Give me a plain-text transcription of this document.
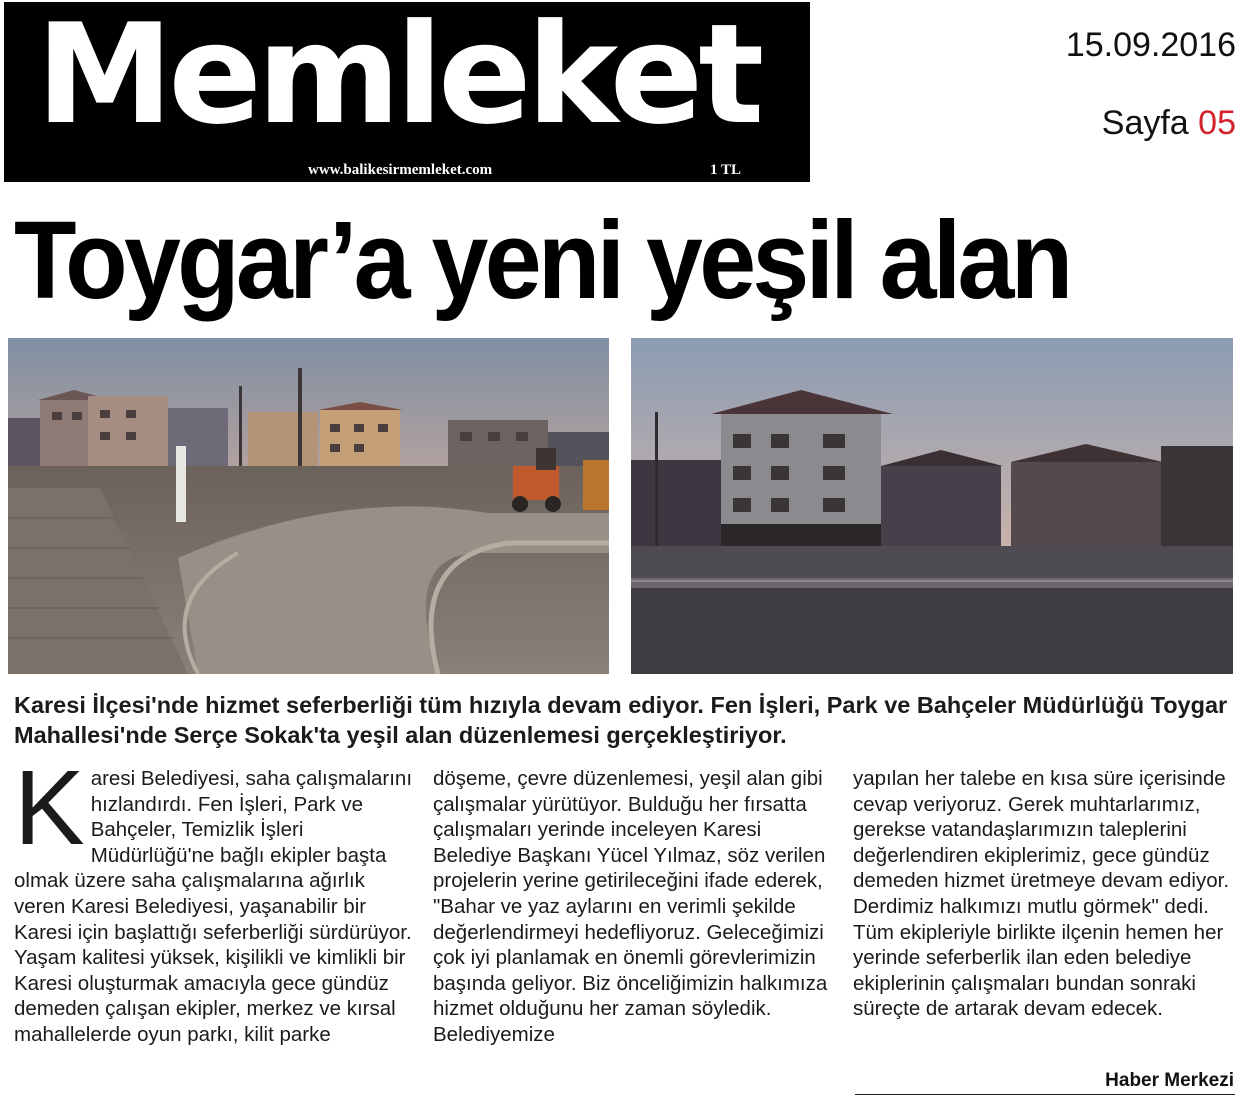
Memleket
www.balikesirmemleket.com	1 TL
15.09.2016
Sayfa 05
Toygar’a yeni yeşil alan
Karesi İlçesi'nde hizmet seferberliği tüm hızıyla devam ediyor. Fen İşleri, Park ve Bahçeler Müdürlüğü Toygar Mahallesi'nde Serçe Sokak'ta yeşil alan düzenlemesi gerçekleştiriyor.
K aresi Belediyesi, saha çalışmalarını hızlandırdı. Fen İşleri, Park ve Bahçeler, Temizlik İşleri Müdürlüğü'ne bağlı ekipler başta olmak üzere saha çalışmalarına ağırlık veren Karesi Belediyesi, yaşanabilir bir Karesi için başlattığı seferberliği sürdürüyor. Yaşam kalitesi yüksek, kişilikli ve kimlikli bir Karesi oluşturmak amacıyla gece gündüz demeden çalışan ekipler, merkez ve kırsal mahallelerde oyun parkı, kilit parke

döşeme, çevre düzenlemesi, yeşil alan gibi çalışmalar yürütüyor. Bulduğu her fırsatta çalışmaları yerinde inceleyen Karesi Belediye Başkanı Yücel Yılmaz, söz verilen projelerin yerine getirileceğini ifade ederek, "Bahar ve yaz aylarını en verimli şekilde değerlendirmeyi hedefliyoruz. Geleceğimizi çok iyi planlamak en önemli görevlerimizin başında geliyor. Biz önceliğimizin halkımıza hizmet olduğunu her zaman söyledik. Belediyemize

yapılan her talebe en kısa süre içerisinde cevap veriyoruz. Gerek muhtarlarımız, gerekse vatandaşlarımızın taleplerini değerlendiren ekiplerimiz, gece gündüz demeden hizmet üretmeye devam ediyor. Derdimiz halkımızı mutlu görmek" dedi. Tüm ekipleriyle birlikte ilçenin hemen her yerinde seferberlik ilan eden belediye ekiplerinin çalışmaları bundan sonraki süreçte de artarak devam edecek.

Haber Merkezi
